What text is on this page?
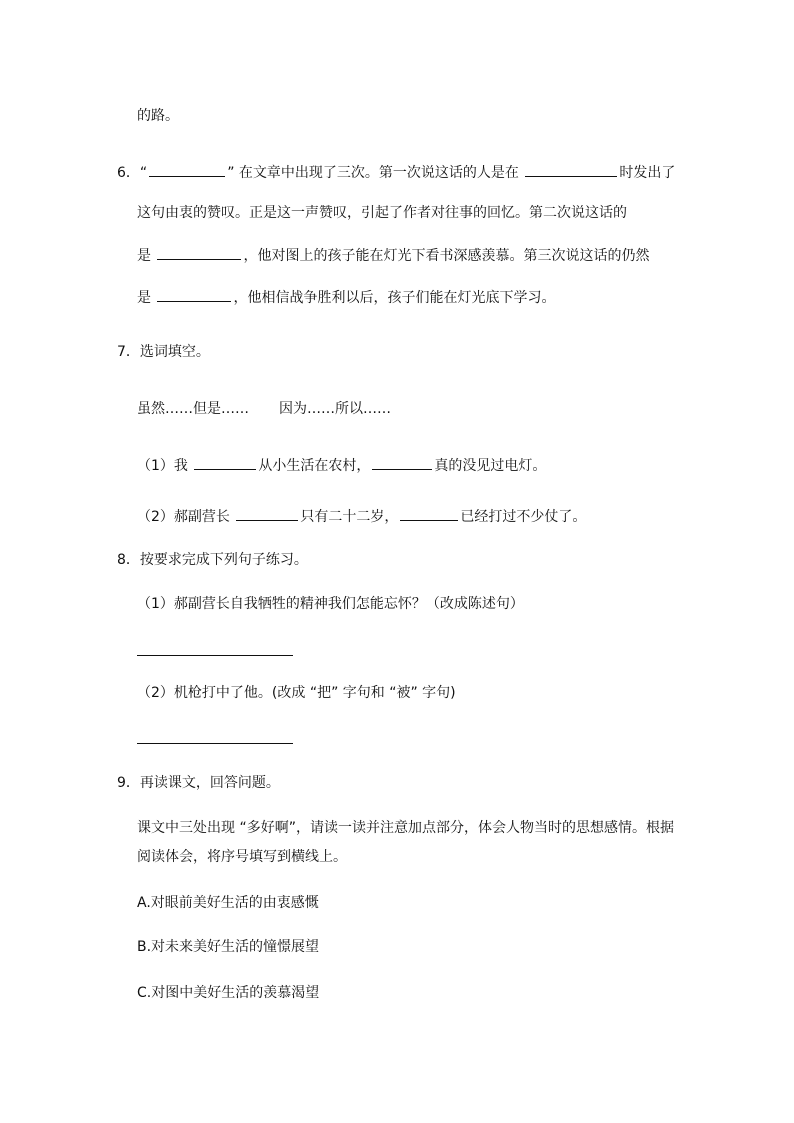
的路。
6．“	” 在文章中出现了三次。第一次说这话的人是在	时发出了
这句由衷的赞叹。正是这一声赞叹，引起了作者对往事的回忆。第二次说这话的
是	，他对图上的孩子能在灯光下看书深感羡慕。第三次说这话的仍然
是	，他相信战争胜利以后，孩子们能在灯光底下学习。
7．选词填空。
虽然……但是…… 因为……所以……
（1）我	从小生活在农村，	真的没见过电灯。
（2）郝副营长	只有二十二岁，	已经打过不少仗了。
8．按要求完成下列句子练习。
（1）郝副营长自我牺牲的精神我们怎能忘怀？（改成陈述句）
（2）机枪打中了他。(改成 “把” 字句和 “被” 字句)
9．再读课文，回答问题。
课文中三处出现 “多好啊”，请读一读并注意加点部分，体会人物当时的思想感情。根据
阅读体会，将序号填写到横线上。
A.对眼前美好生活的由衷感慨
B.对未来美好生活的憧憬展望
C.对图中美好生活的羡慕渴望
